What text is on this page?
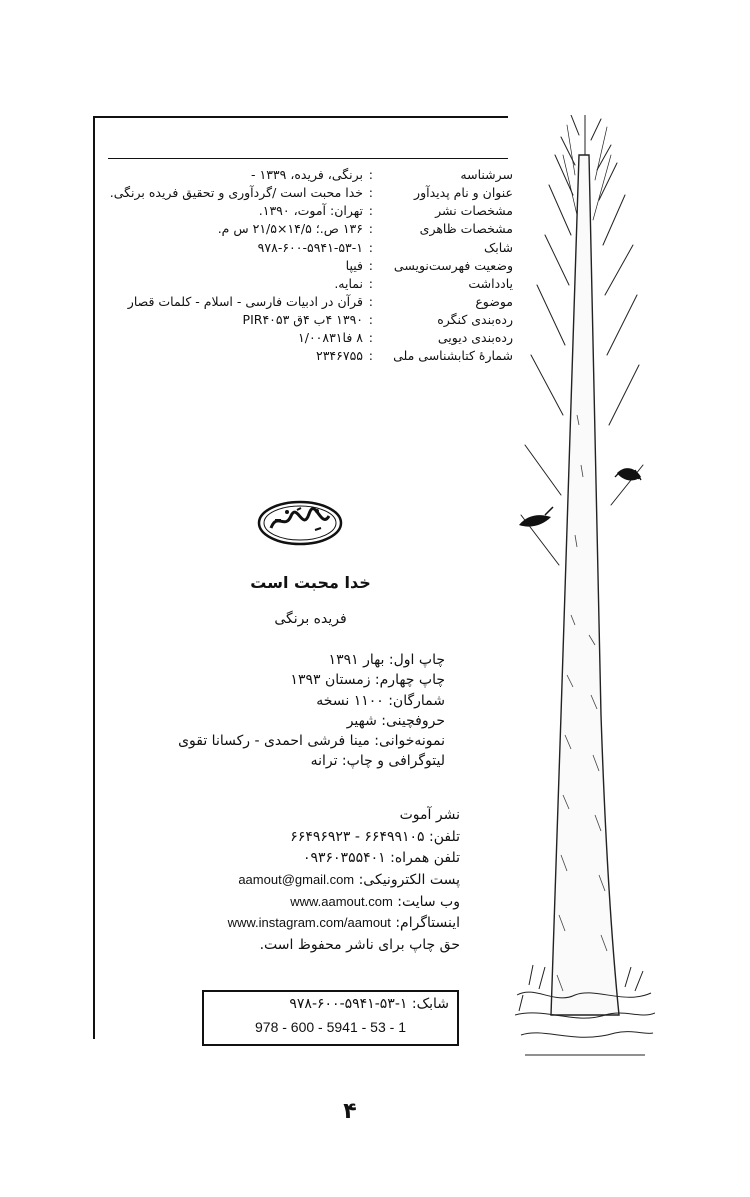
سرشناسه
:
برنگی، فریده، ۱۳۳۹ -
عنوان و نام پدیدآور
:
خدا محبت است /گردآوری و تحقیق فریده برنگی.
مشخصات نشر
:
تهران: آموت، ۱۳۹۰.
مشخصات ظاهری
:
۱۳۶ ص.؛ ۱۴/۵×۲۱/۵ س م.
شابک
:
۹۷۸-۶۰۰-۵۹۴۱-۵۳-۱
وضعیت فهرست‌نویسی
:
فیپا
یادداشت
:
نمایه.
موضوع
:
قرآن در ادبیات فارسی - اسلام - کلمات قصار
رده‌بندی کنگره
:
۱۳۹۰ ۴ب ۴ق PIR۴۰۵۳
رده‌بندی دیویی
:
۸ فا۱/۰۰۸۳۱
شمارهٔ کتابشناسی ملی
:
۲۳۴۶۷۵۵
خدا محبت است
فریده برنگی
چاپ اول: بهار ۱۳۹۱
چاپ چهارم: زمستان ۱۳۹۳
شمارگان: ۱۱۰۰ نسخه
حروفچینی: شهیر
نمونه‌خوانی: مینا فرشی احمدی - رکسانا تقوی
لیتوگرافی و چاپ: ترانه
نشر آموت
تلفن: ۶۶۴۹۹۱۰۵ - ۶۶۴۹۶۹۲۳
تلفن همراه: ۰۹۳۶۰۳۵۵۴۰۱
پست الکترونیکی: aamout@gmail.com
وب سایت: www.aamout.com
اینستاگرام: www.instagram.com/aamout
حق چاپ برای ناشر محفوظ است.
شابک: ۱-۵۳-۵۹۴۱-۶۰۰-۹۷۸
978 - 600 - 5941 - 53 - 1
۴
